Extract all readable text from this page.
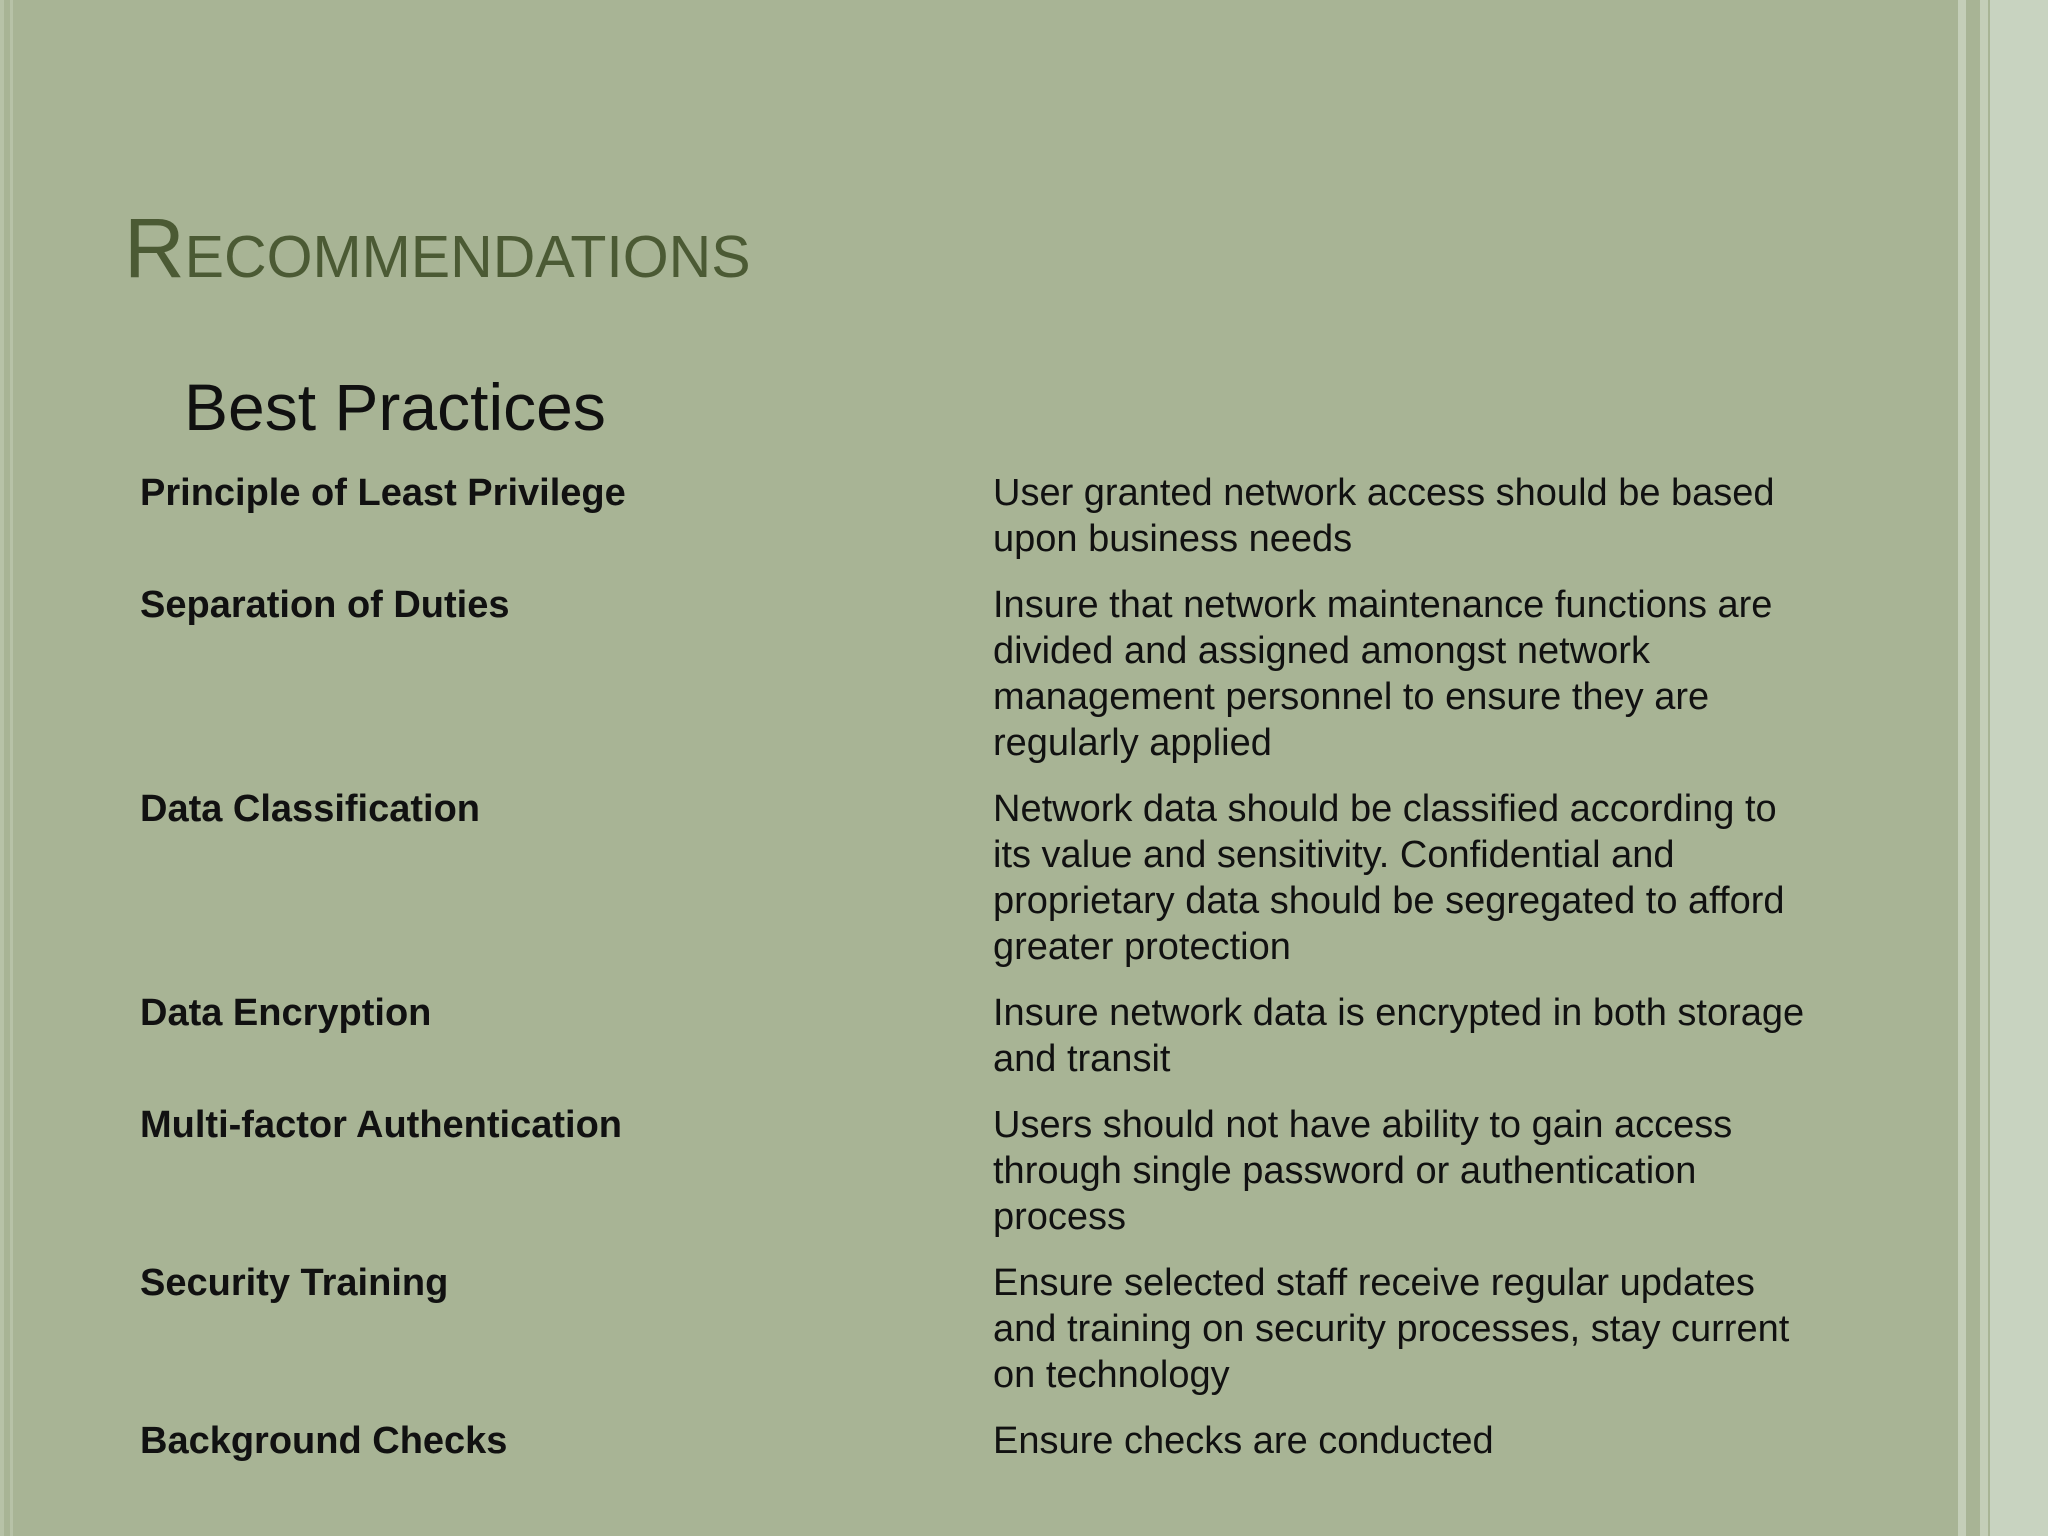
Recommendations
Best Practices
Principle of Least Privilege	User granted network access should be based upon business needs
Separation of Duties	Insure that network maintenance functions are divided and assigned amongst network management personnel to ensure they are regularly applied
Data Classification	Network data should be classified according to its value and sensitivity. Confidential and proprietary data should be segregated to afford greater protection
Data Encryption	Insure network data is encrypted in both storage and transit
Multi-factor Authentication	Users should not have ability to gain access through single password or authentication process
Security Training	Ensure selected staff receive regular updates and training on security processes, stay current on technology
Background Checks	Ensure checks are conducted
